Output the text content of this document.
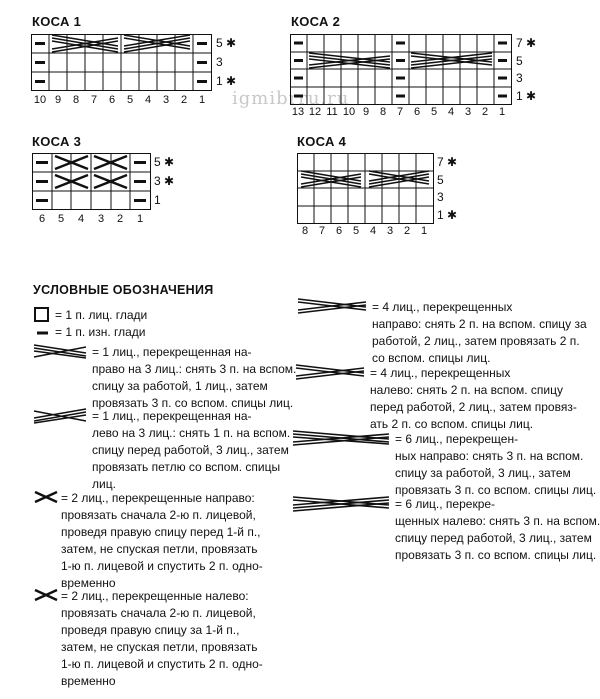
igmibrru.ru
КОСА 1
5 ✱
3
1 ✱
10 9	8	7	6	5	4	3	2	1
КОСА 2
7 ✱
5
3
1 ✱
13 12 11 10 9 8 7 6 5 4 3 2 1
КОСА 3
5 ✱
3 ✱
1
6	5	4	3	2	1
КОСА 4
7 ✱
5
3
1 ✱
8 7 6 5 4 3 2 1
УСЛОВНЫЕ ОБОЗНАЧЕНИЯ
= 1 п. лиц. глади
= 1 п. изн. глади
= 1 лиц., перекрещенная на-
право на 3 лиц.: снять 3 п. на вспом.
спицу за работой, 1 лиц., затем
провязать 3 п. со вспом. спицы лиц.
= 1 лиц., перекрещенная на-
лево на 3 лиц.: снять 1 п. на вспом.
спицу перед работой, 3 лиц., затем
провязать петлю со вспом. спицы
лиц.
= 2 лиц., перекрещенные направо:
провязать сначала 2-ю п. лицевой,
проведя правую спицу перед 1-й п.,
затем, не спуская петли, провязать
1-ю п. лицевой и спустить 2 п. одно-
временно
= 2 лиц., перекрещенные налево:
провязать сначала 2-ю п. лицевой,
проведя правую спицу за 1-й п.,
затем, не спуская петли, провязать
1-ю п. лицевой и спустить 2 п. одно-
временно
= 4 лиц., перекрещенных
направо: снять 2 п. на вспом. спицу за
работой, 2 лиц., затем провязать 2 п.
со вспом. спицы лиц.
= 4 лиц., перекрещенных
налево: снять 2 п. на вспом. спицу
перед работой, 2 лиц., затем провяз-
ать 2 п. со вспом. спицы лиц.
= 6 лиц., перекрещен-
ных направо: снять 3 п. на вспом.
спицу за работой, 3 лиц., затем
провязать 3 п. со вспом. спицы лиц.
= 6 лиц., перекре-
щенных налево: снять 3 п. на вспом.
спицу перед работой, 3 лиц., затем
провязать 3 п. со вспом. спицы лиц.
